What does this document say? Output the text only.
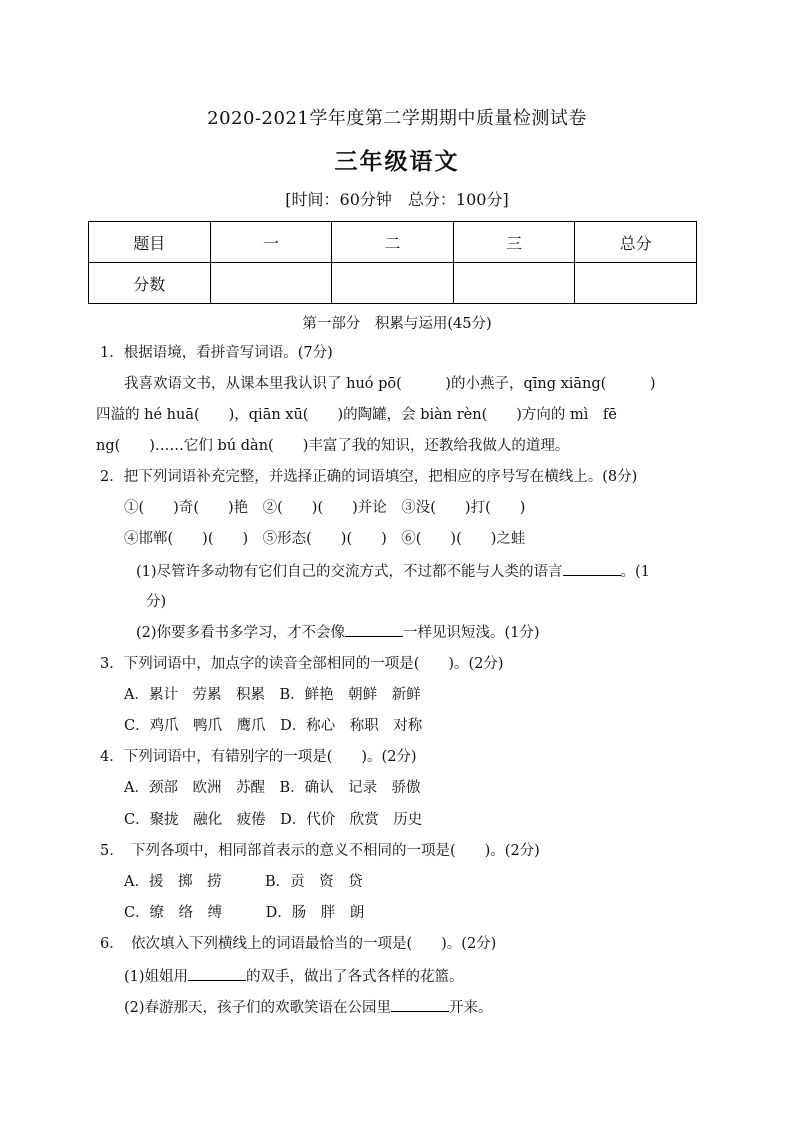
2020-2021学年度第二学期期中质量检测试卷
三年级语文
[时间：60分钟　总分：100分]
题目	一	二	三	总分
分数				
第一部分　积累与运用(45分)
1．根据语境，看拼音写词语。(7分)
我喜欢语文书，从课本里我认识了 huó pō(　　　)的小燕子，qīng xiāng(　　　)
四溢的 hé huā(　　)，qiān xū(　　)的陶罐，会 biàn rèn(　　)方向的 mì　fē
ng(　　)……它们 bú dàn(　　)丰富了我的知识，还教给我做人的道理。
2．把下列词语补充完整，并选择正确的词语填空，把相应的序号写在横线上。(8分)
①(　　)奇(　　)艳　②(　　)(　　)并论　③没(　　)打(　　)
④邯郸(　　)(　　)　⑤形态(　　)(　　)　⑥(　　)(　　)之蛙
(1)尽管许多动物有它们自己的交流方式，不过都不能与人类的语言	。(1
分)
(2)你要多看书多学习，才不会像	一样见识短浅。(1分)
3．下列词语中，加点字的读音全部相同的一项是(　　)。(2分)
A．累计　劳累　积累　B．鲜艳　朝鲜　新鲜
C．鸡爪　鸭爪　鹰爪　D．称心　称职　对称
4．下列词语中，有错别字的一项是(　　)。(2分)
A．颈部　欧洲　苏醒　B．确认　记录　骄傲
C．聚拢　融化　疲倦　D．代价　欣赏　历史
5．　下列各项中，相同部首表示的意义不相同的一项是(　　)。(2分)
A．援　掷　捞　　　B．贡　资　贷
C．缭　络　缚　　　D．肠　胖　朗
6．　依次填入下列横线上的词语最恰当的一项是(　　)。(2分)
(1)姐姐用	的双手，做出了各式各样的花篮。
(2)春游那天，孩子们的欢歌笑语在公园里	开来。
